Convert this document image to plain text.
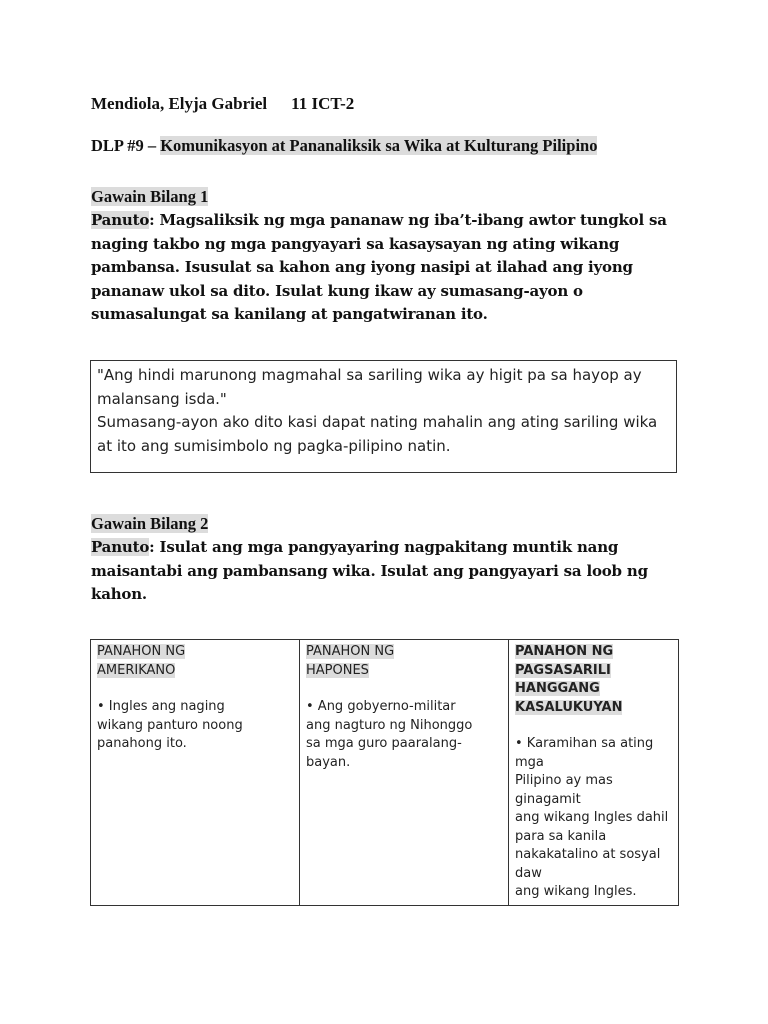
Mendiola, Elyja Gabriel 11 ICT-2
DLP #9 – Komunikasyon at Pananaliksik sa Wika at Kulturang Pilipino
Gawain Bilang 1
Panuto: Magsaliksik ng mga pananaw ng iba’t-ibang awtor tungkol sa
naging takbo ng mga pangyayari sa kasaysayan ng ating wikang
pambansa. Isusulat sa kahon ang iyong nasipi at ilahad ang iyong
pananaw ukol sa dito. Isulat kung ikaw ay sumasang-ayon o
sumasalungat sa kanilang at pangatwiranan ito.
"Ang hindi marunong magmahal sa sariling wika ay higit pa sa hayop ay
malansang isda."
Sumasang-ayon ako dito kasi dapat nating mahalin ang ating sariling wika
at ito ang sumisimbolo ng pagka-pilipino natin.
Gawain Bilang 2
Panuto: Isulat ang mga pangyayaring nagpakitang muntik nang
maisantabi ang pambansang wika. Isulat ang pangyayari sa loob ng
kahon.
PANAHON NG
AMERIKANO
• Ingles ang naging
wikang panturo noong
panahong ito.

PANAHON NG
HAPONES
• Ang gobyerno-militar
ang nagturo ng Nihonggo
sa mga guro paaralang-
bayan.

PANAHON NG
PAGSASARILI
HANGGANG
KASALUKUYAN
• Karamihan sa ating mga
Pilipino ay mas ginagamit
ang wikang Ingles dahil
para sa kanila
nakakatalino at sosyal daw
ang wikang Ingles.
